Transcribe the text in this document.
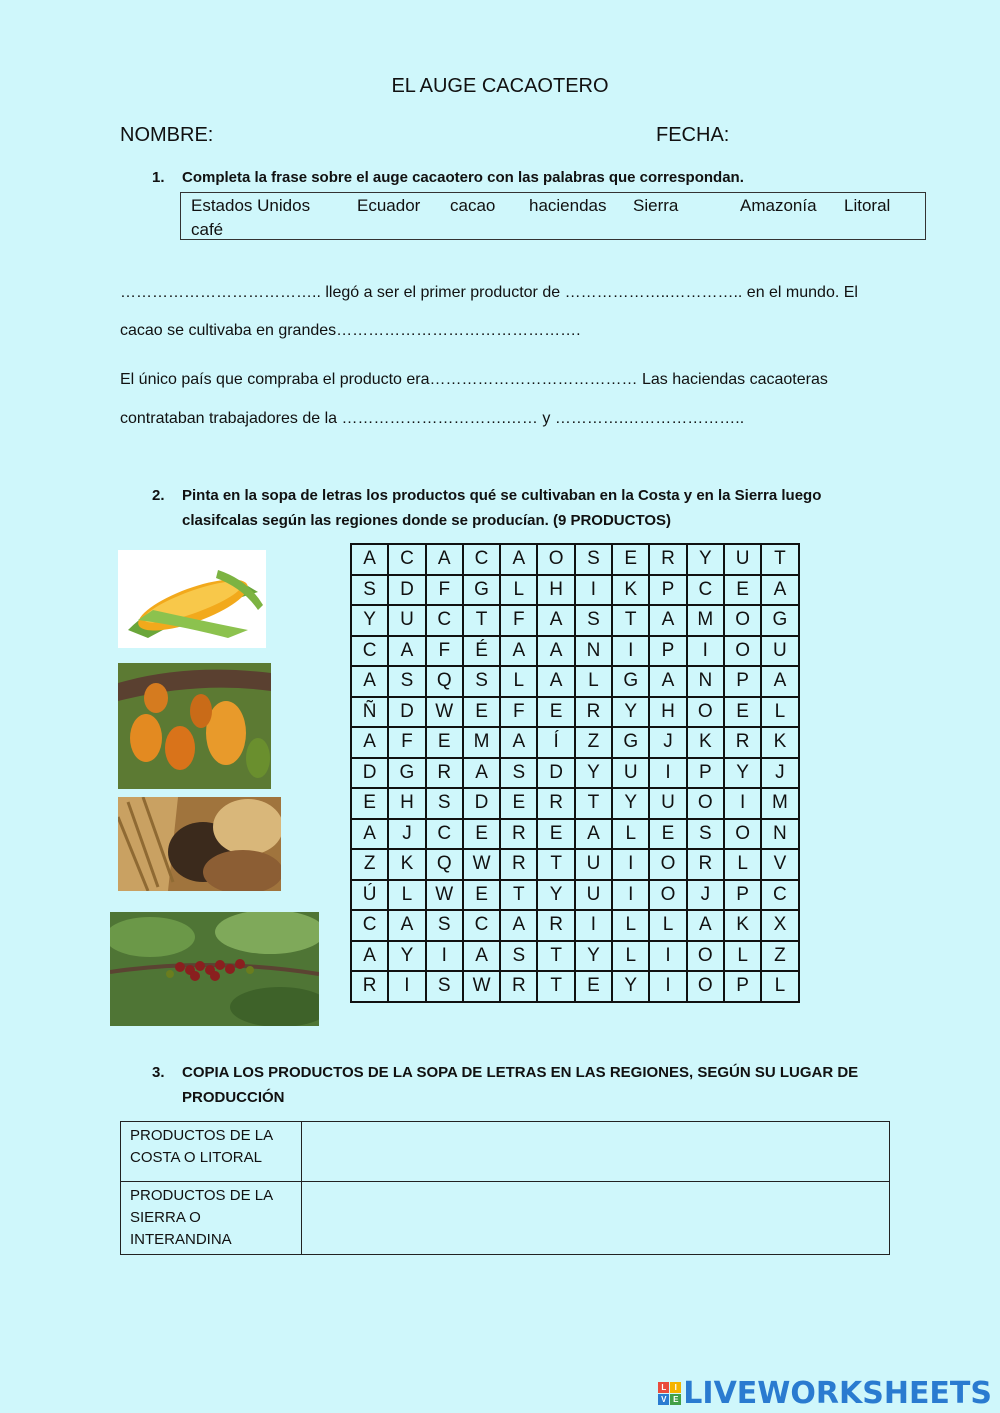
EL AUGE CACAOTERO
NOMBRE:	FECHA:
1. Completa la frase sobre el auge cacaotero con las palabras que correspondan.
Estados Unidos	Ecuador cacao haciendas Sierra	Amazonía Litoral
café
……………………………….. llegó a ser el primer productor de ………………..………….. en el mundo. El
cacao se cultivaba en grandes……………………………………….
El único país que compraba el producto era………………………………… Las haciendas cacaoteras
contrataban trabajadores de la ………………………….…… y ………….…………………..
2. Pinta en la sopa de letras los productos qué se cultivaban en la Costa y en la Sierra luego
clasifcalas según las regiones donde se producían. (9 PRODUCTOS)
A	C	A	C	A	O	S	E	R	Y	U	T
S	D	F	G	L	H	I	K	P	C	E	A
Y	U	C	T	F	A	S	T	A	M	O	G
C	A	F	É	A	A	N	I	P	I	O	U
A	S	Q	S	L	A	L	G	A	N	P	A
Ñ	D	W	E	F	E	R	Y	H	O	E	L
A	F	E	M	A	Í	Z	G	J	K	R	K
D	G	R	A	S	D	Y	U	I	P	Y	J
E	H	S	D	E	R	T	Y	U	O	I	M
A	J	C	E	R	E	A	L	E	S	O	N
Z	K	Q	W	R	T	U	I	O	R	L	V
Ú	L	W	E	T	Y	U	I	O	J	P	C
C	A	S	C	A	R	I	L	L	A	K	X
A	Y	I	A	S	T	Y	L	I	O	L	Z
R	I	S	W	R	T	E	Y	I	O	P	L
3. COPIA LOS PRODUCTOS DE LA SOPA DE LETRAS EN LAS REGIONES, SEGÚN SU LUGAR DE
PRODUCCIÓN
PRODUCTOS DE LA
COSTA O LITORAL	

PRODUCTOS DE LA
SIERRA O
INTERANDINA	

L	I
V E LIVEWORKSHEETS
